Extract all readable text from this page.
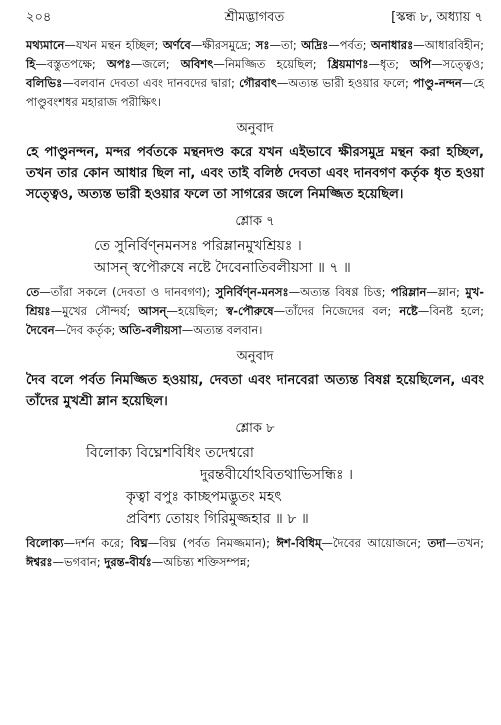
২০৪	শ্রীমদ্ভাগবত	[স্কন্ধ ৮, অধ্যায় ৭

মথ্যমানে—যখন মন্থন হচ্ছিল; অর্ণবে—ক্ষীরসমুদ্রে; সঃ—তা; অদ্রিঃ—পর্বত; অনাধারঃ—আধারবিহীন; হি—বস্তুতপক্ষে; অপঃ—জলে; অবিশৎ—নিমজ্জিত হয়েছিল; ধ্রিয়মাণঃ—ধৃত; অপি—সত্ত্বেও; বলিভিঃ—বলবান দেবতা এবং দানবদের দ্বারা; গৌরবাৎ—অত্যন্ত ভারী হওয়ার ফলে; পাণ্ডু-নন্দন—হে পাণ্ডুবংশধর মহারাজ পরীক্ষিৎ।

অনুবাদ

হে পাণ্ডুনন্দন, মন্দর পর্বতকে মন্থনদণ্ড করে যখন এইভাবে ক্ষীরসমুদ্র মন্থন করা হচ্ছিল, তখন তার কোন আধার ছিল না, এবং তাই বলিষ্ঠ দেবতা এবং দানবগণ কর্তৃক ধৃত হওয়া সত্ত্বেও, অত্যন্ত ভারী হওয়ার ফলে তা সাগরের জলে নিমজ্জিত হয়েছিল।

শ্লোক ৭

তে সুনির্বিণ্নমনসঃ পরিম্লানমুখশ্রিয়ঃ ।

আসন্ স্বপৌরুষে নষ্টে দৈবেনাতিবলীয়সা ॥ ৭ ॥

তে—তাঁরা সকলে (দেবতা ও দানবগণ); সুনির্বিণ্ন-মনসঃ—অত্যন্ত বিষণ্ণ চিত্ত; পরিম্লান—ম্লান; মুখ-শ্রিয়ঃ—মুখের সৌন্দর্য; আসন্—হয়েছিল; স্ব-পৌরুষে—তাঁদের নিজেদের বল; নষ্টে—বিনষ্ট হলে; দৈবেন—দৈব কর্তৃক; অতি-বলীয়সা—অত্যন্ত বলবান।

অনুবাদ

দৈব বলে পর্বত নিমজ্জিত হওয়ায়, দেবতা এবং দানবেরা অত্যন্ত বিষণ্ণ হয়েছিলেন, এবং তাঁদের মুখশ্রী ম্লান হয়েছিল।

শ্লোক ৮

বিলোক্য বিঘ্নেশবিধিং তদেশ্বরো

দুরন্তবীর্যোঽবিতথাভিসন্ধিঃ ।

কৃত্বা বপুঃ কাচ্ছপমদ্ভুতং মহৎ

প্রবিশ্য তোয়ং গিরিমুজ্জহার ॥ ৮ ॥

বিলোক্য—দর্শন করে; বিঘ্ন—বিঘ্ন (পর্বত নিমজ্জমান); ঈশ-বিধিম্—দৈবের আয়োজনে; তদা—তখন; ঈশ্বরঃ—ভগবান; দুরন্ত-বীর্যঃ—অচিন্ত্য শক্তিসম্পন্ন;
